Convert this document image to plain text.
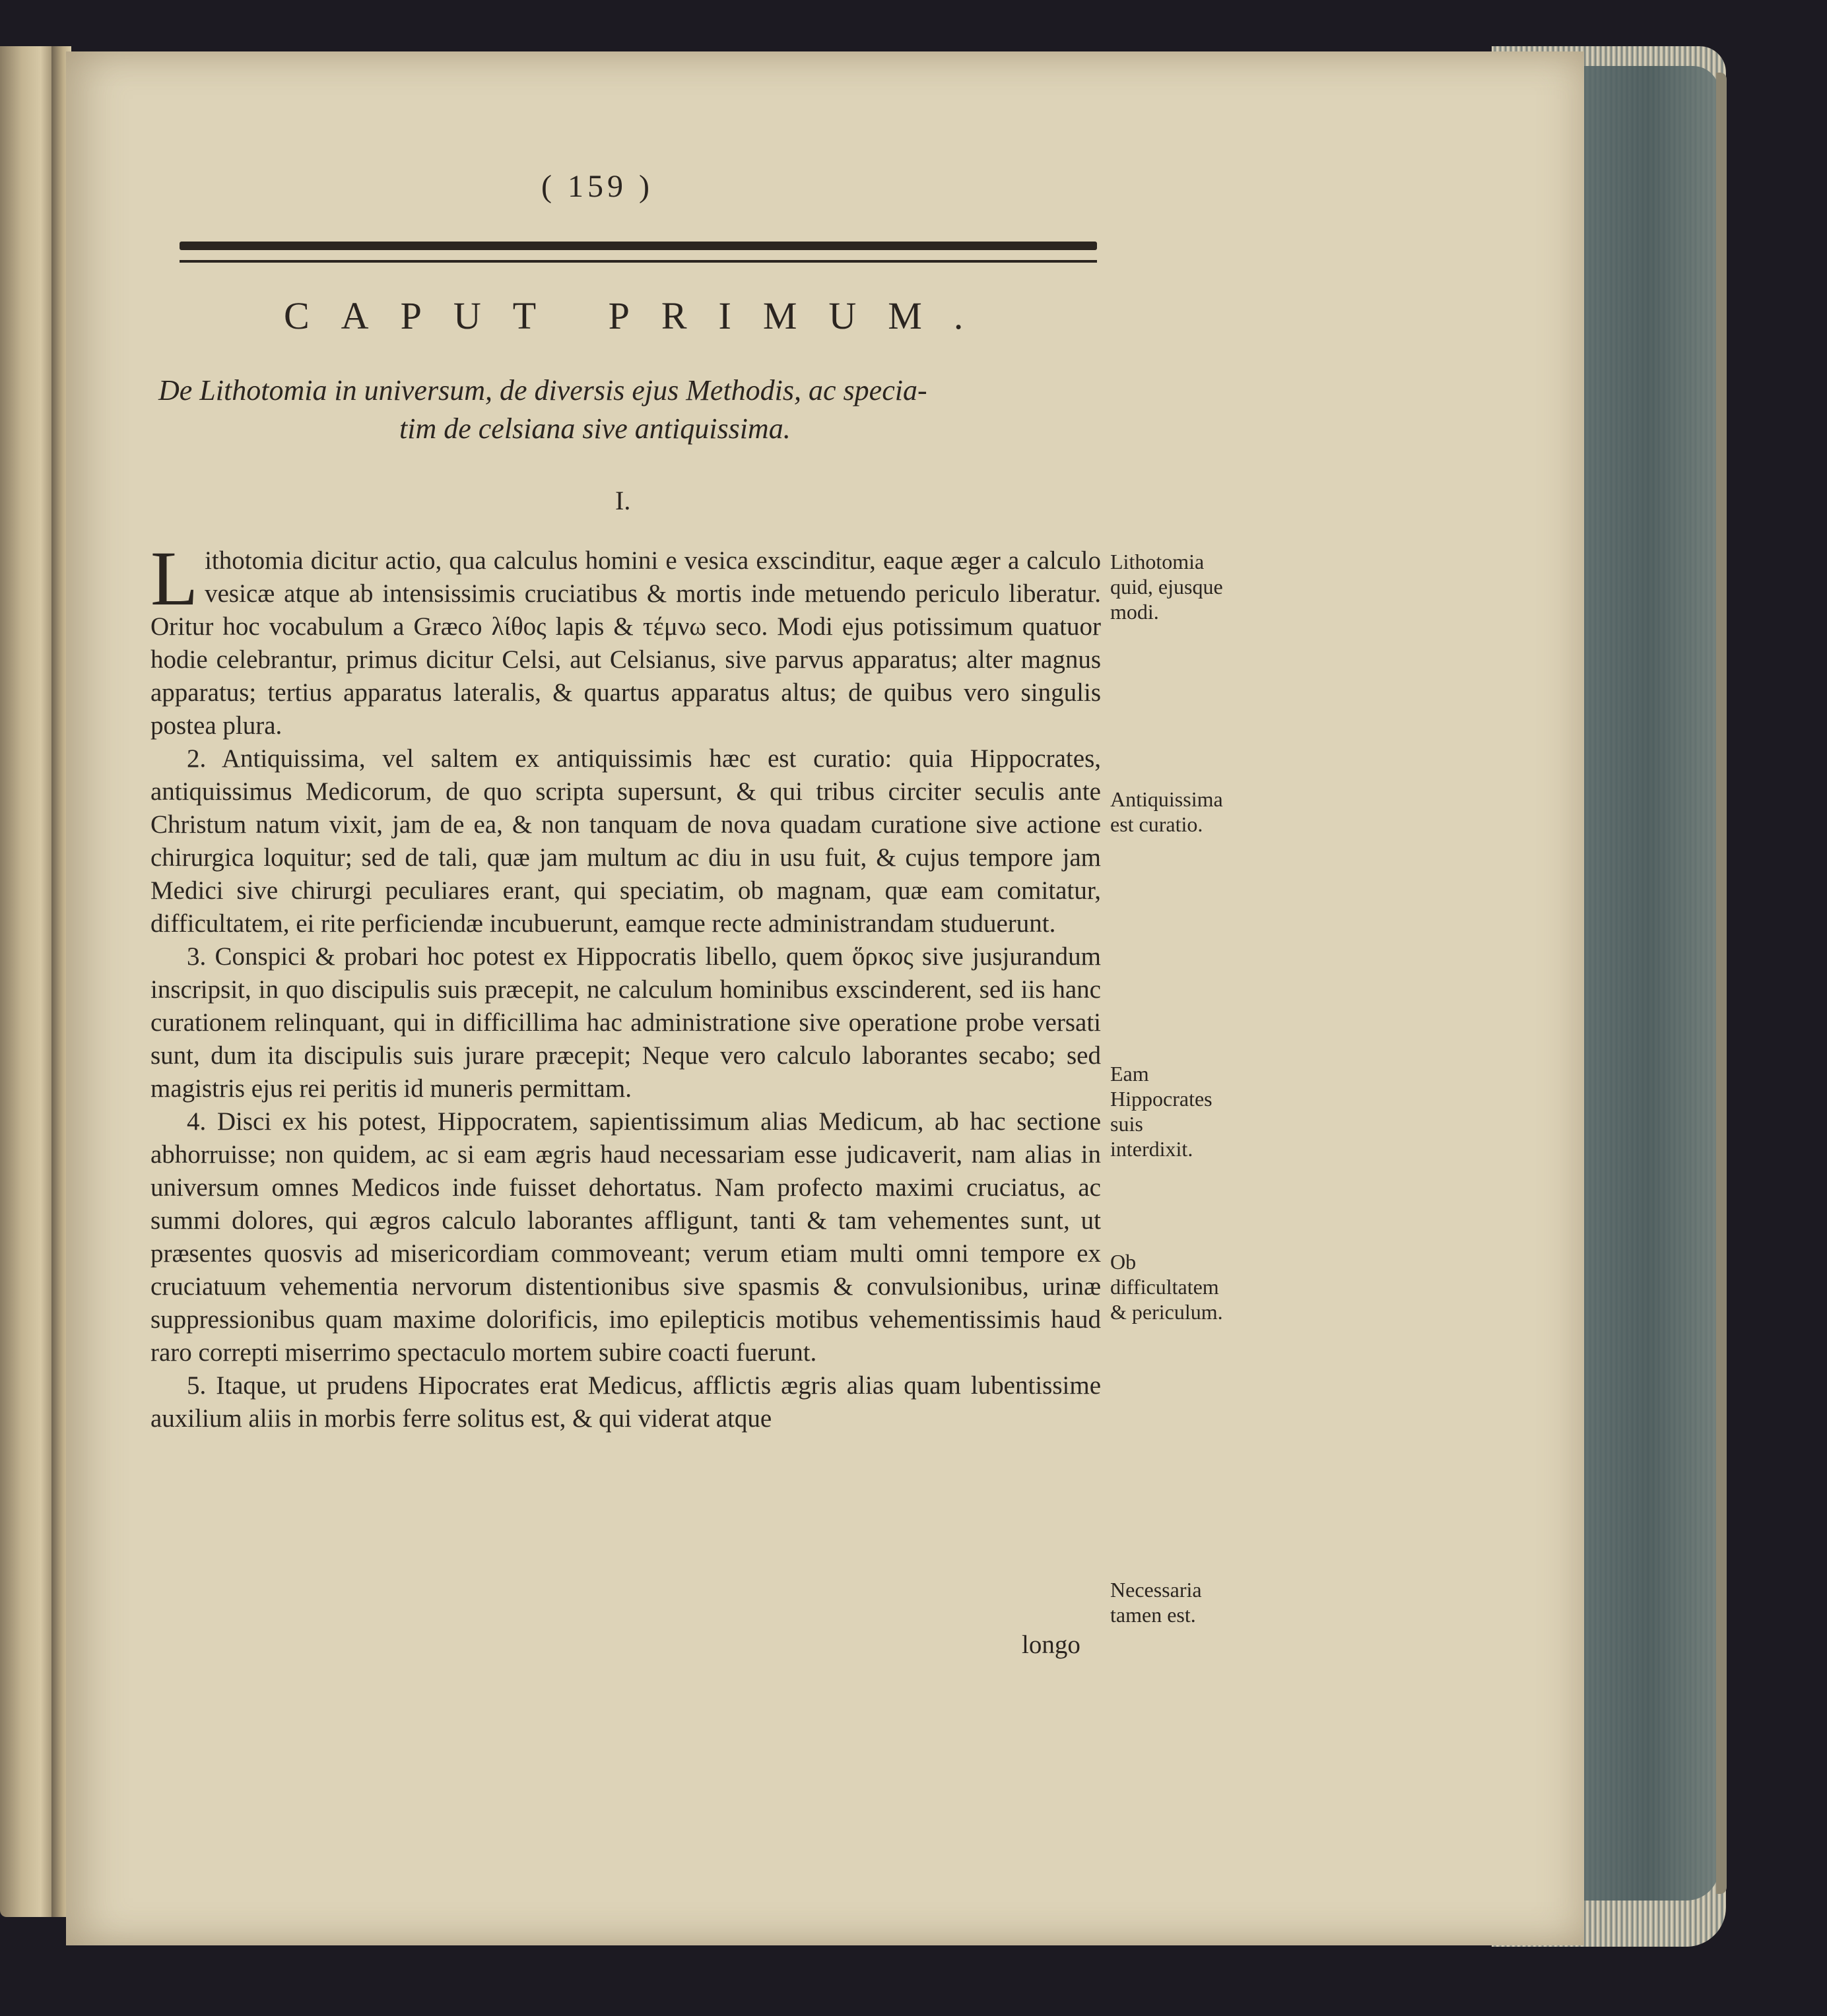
( 159 )
CAPUT PRIMUM.
De Lithotomia in universum, de diversis ejus Methodis, ac specia-
tim de celsiana sive antiquissima.
I.

Lithotomia dicitur actio, qua calculus homini e vesica exscinditur, eaque æger a calculo vesicæ atque ab intensissimis cruciatibus & mortis inde metuendo periculo liberatur. Oritur hoc vocabulum a Græco λίθος lapis & τέμνω seco. Modi ejus potissimum quatuor hodie celebrantur, primus dicitur Celsi, aut Celsianus, sive parvus apparatus; alter magnus apparatus; tertius apparatus lateralis, & quartus apparatus altus; de quibus vero singulis postea plura.

2. Antiquissima, vel saltem ex antiquissimis hæc est curatio: quia Hippocrates, antiquissimus Medicorum, de quo scripta supersunt, & qui tribus circiter seculis ante Christum natum vixit, jam de ea, & non tanquam de nova quadam curatione sive actione chirurgica loquitur; sed de tali, quæ jam multum ac diu in usu fuit, & cujus tempore jam Medici sive chirurgi peculiares erant, qui speciatim, ob magnam, quæ eam comitatur, difficultatem, ei rite perficiendæ incubuerunt, eamque recte administrandam studuerunt.

3. Conspici & probari hoc potest ex Hippocratis libello, quem ὅρκος sive jusjurandum inscripsit, in quo discipulis suis præcepit, ne calculum hominibus exscinderent, sed iis hanc curationem relinquant, qui in difficillima hac administratione sive operatione probe versati sunt, dum ita discipulis suis jurare præcepit; Neque vero calculo laborantes secabo; sed magistris ejus rei peritis id muneris permittam.

4. Disci ex his potest, Hippocratem, sapientissimum alias Medicum, ab hac sectione abhorruisse; non quidem, ac si eam ægris haud necessariam esse judicaverit, nam alias in universum omnes Medicos inde fuisset dehortatus. Nam profecto maximi cruciatus, ac summi dolores, qui ægros calculo laborantes affligunt, tanti & tam vehementes sunt, ut præsentes quosvis ad misericordiam commoveant; verum etiam multi omni tempore ex cruciatuum vehementia nervorum distentionibus sive spasmis & convulsionibus, urinæ suppressionibus quam maxime dolorificis, imo epilepticis motibus vehementissimis haud raro correpti miserrimo spectaculo mortem subire coacti fuerunt.

5. Itaque, ut prudens Hipocrates erat Medicus, afflictis ægris alias quam lubentissime auxilium aliis in morbis ferre solitus est, & qui viderat atque

longo
Lithotomia quid, ejusque modi.
Antiquissima est curatio.
Eam Hippocrates suis interdixit.
Ob difficultatem & periculum.
Necessaria tamen est.
